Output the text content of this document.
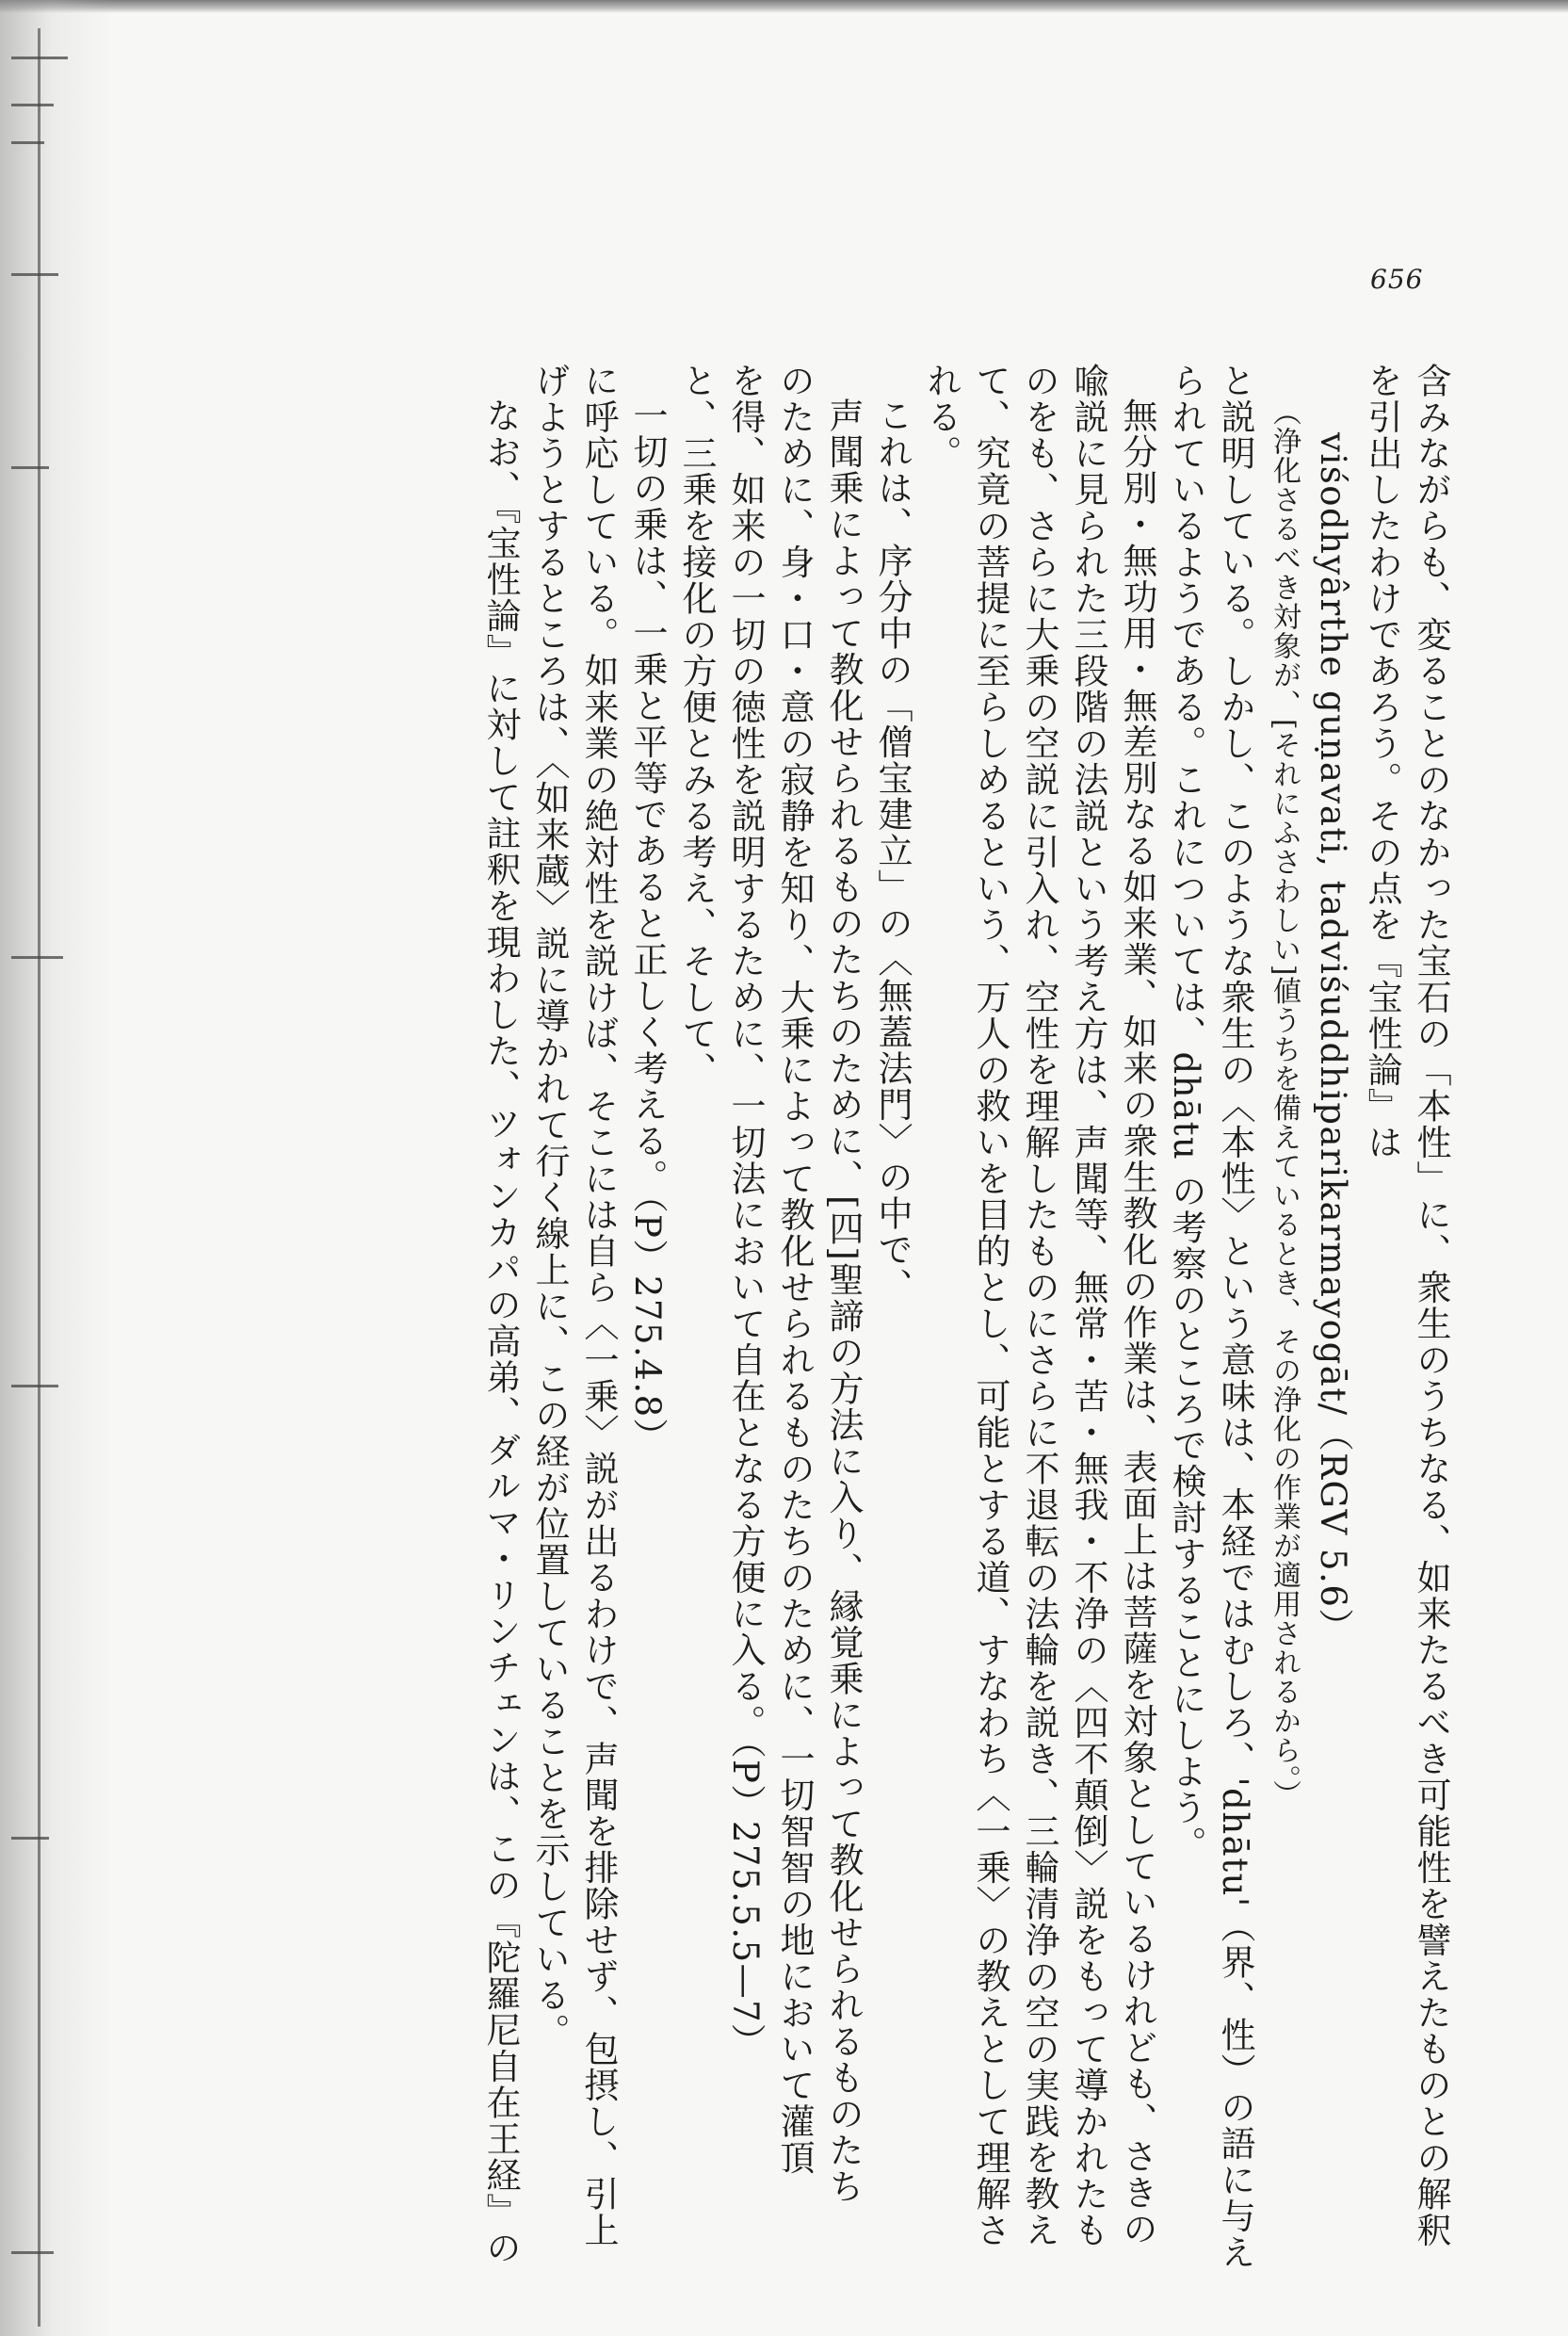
656
含みながらも、変ることのなかった宝石の「本性」に、衆生のうちなる、如来たるべき可能性を譬えたものとの解釈
を引出したわけであろう。その点を『宝性論』は
viśodhyârthe guṇavati, tadviśuddhiparikarmayogāt/（RGV 5.6）
（浄化さるべき対象が、[それにふさわしい]値うちを備えているとき、その浄化の作業が適用されるから。）
と説明している。しかし、このような衆生の〈本性〉という意味は、本経ではむしろ、'dhātu'（界、性）の語に与え
られているようである。これについては、dhātu の考察のところで検討することにしよう。
無分別・無功用・無差別なる如来業、如来の衆生教化の作業は、表面上は菩薩を対象としているけれども、さきの
喩説に見られた三段階の法説という考え方は、声聞等、無常・苦・無我・不浄の〈四不顛倒〉説をもって導かれたも
のをも、さらに大乗の空説に引入れ、空性を理解したものにさらに不退転の法輪を説き、三輪清浄の空の実践を教え
て、究竟の菩提に至らしめるという、万人の救いを目的とし、可能とする道、すなわち〈一乗〉の教えとして理解さ
れる。
これは、序分中の「僧宝建立」の〈無蓋法門〉の中で、
声聞乗によって教化せられるものたちのために、[四]聖諦の方法に入り、縁覚乗によって教化せられるものたち
のために、身・口・意の寂静を知り、大乗によって教化せられるものたちのために、一切智智の地において灌頂
を得、如来の一切の徳性を説明するために、一切法において自在となる方便に入る。（P）275.5.5—7）
と、三乗を接化の方便とみる考え、そして、
一切の乗は、一乗と平等であると正しく考える。（P）275.4.8）
に呼応している。如来業の絶対性を説けば、そこには自ら〈一乗〉説が出るわけで、声聞を排除せず、包摂し、引上
げようとするところは、〈如来蔵〉説に導かれて行く線上に、この経が位置していることを示している。
なお、『宝性論』に対して註釈を現わした、ツォンカパの高弟、ダルマ・リンチェンは、この『陀羅尼自在王経』の
